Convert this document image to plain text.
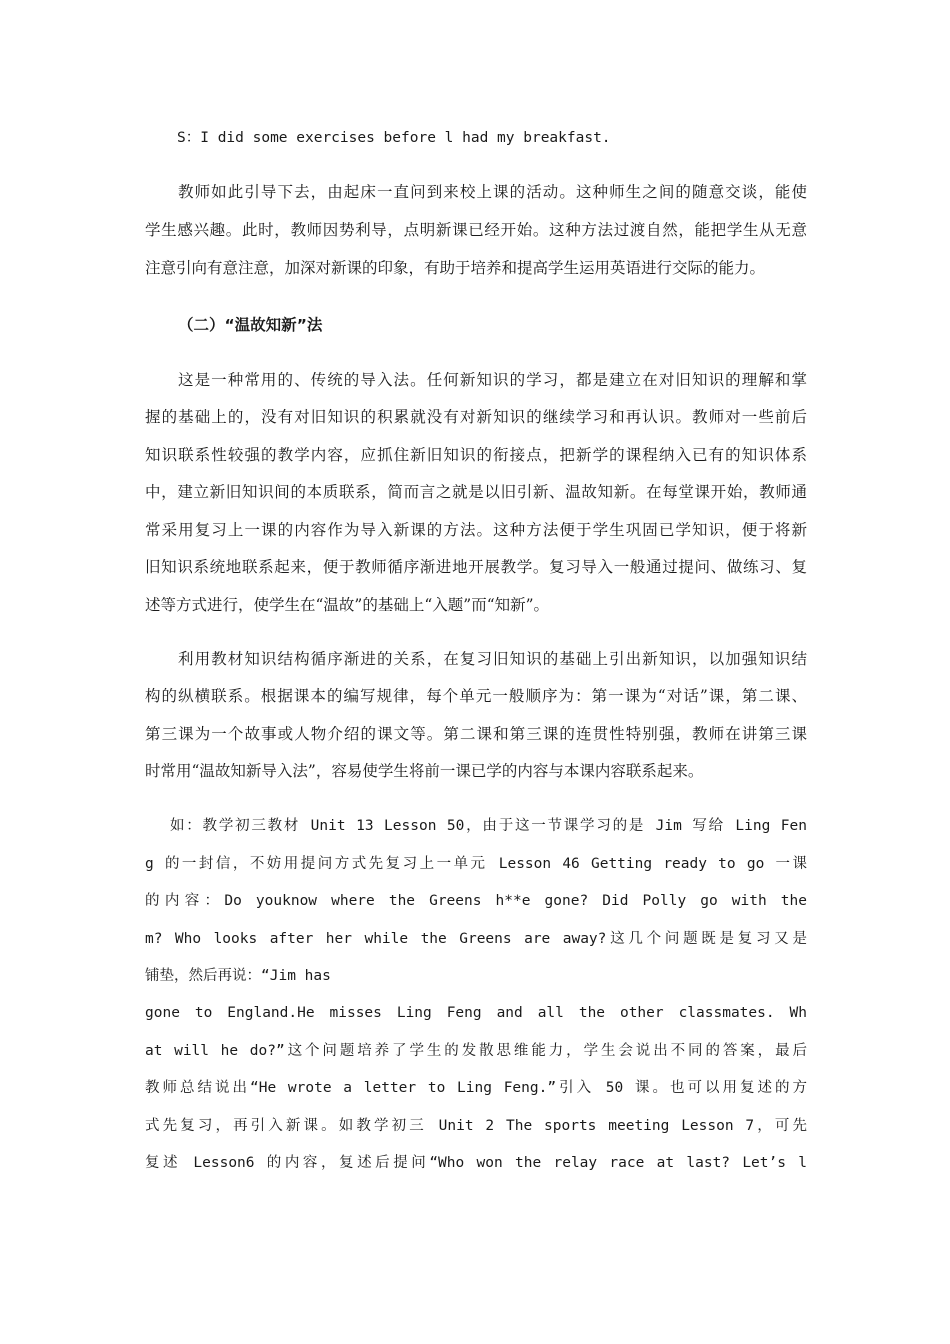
S：I did some exercises before l had my breakfast.
教师如此引导下去，由起床一直问到来校上课的活动。这种师生之间的随意交谈，能使
学生感兴趣。此时，教师因势利导，点明新课已经开始。这种方法过渡自然，能把学生从无意
注意引向有意注意，加深对新课的印象，有助于培养和提高学生运用英语进行交际的能力。
（二）“温故知新”法
这是一种常用的、传统的导入法。任何新知识的学习，都是建立在对旧知识的理解和掌
握的基础上的，没有对旧知识的积累就没有对新知识的继续学习和再认识。教师对一些前后
知识联系性较强的教学内容，应抓住新旧知识的衔接点，把新学的课程纳入已有的知识体系
中，建立新旧知识间的本质联系，简而言之就是以旧引新、温故知新。在每堂课开始，教师通
常采用复习上一课的内容作为导入新课的方法。这种方法便于学生巩固已学知识，便于将新
旧知识系统地联系起来，便于教师循序渐进地开展教学。复习导入一般通过提问、做练习、复
述等方式进行，使学生在“温故”的基础上“入题”而“知新”。
利用教材知识结构循序渐进的关系，在复习旧知识的基础上引出新知识，以加强知识结
构的纵横联系。根据课本的编写规律，每个单元一般顺序为：第一课为“对话”课，第二课、
第三课为一个故事或人物介绍的课文等。第二课和第三课的连贯性特别强，教师在讲第三课
时常用“温故知新导入法”，容易使学生将前一课已学的内容与本课内容联系起来。
如：教学初三教材 Unit 13 Lesson 50，由于这一节课学习的是 Jim 写给 Ling Fen
g 的一封信，不妨用提问方式先复习上一单元 Lesson 46 Getting ready to go 一课
的内容：Do youknow where the Greens h**e gone? Did Polly go with the
m? Who looks after her while the Greens are away?这几个问题既是复习又是
铺垫，然后再说：“Jim has
gone to England.He misses Ling Feng and all the other classmates. Wh
at will he do?”这个问题培养了学生的发散思维能力，学生会说出不同的答案，最后
教师总结说出“He wrote a letter to Ling Feng.”引入 50 课。也可以用复述的方
式先复习，再引入新课。如教学初三 Unit 2 The sports meeting Lesson 7，可先
复述 Lesson6 的内容，复述后提问“Who won the relay race at last? Let’s l
